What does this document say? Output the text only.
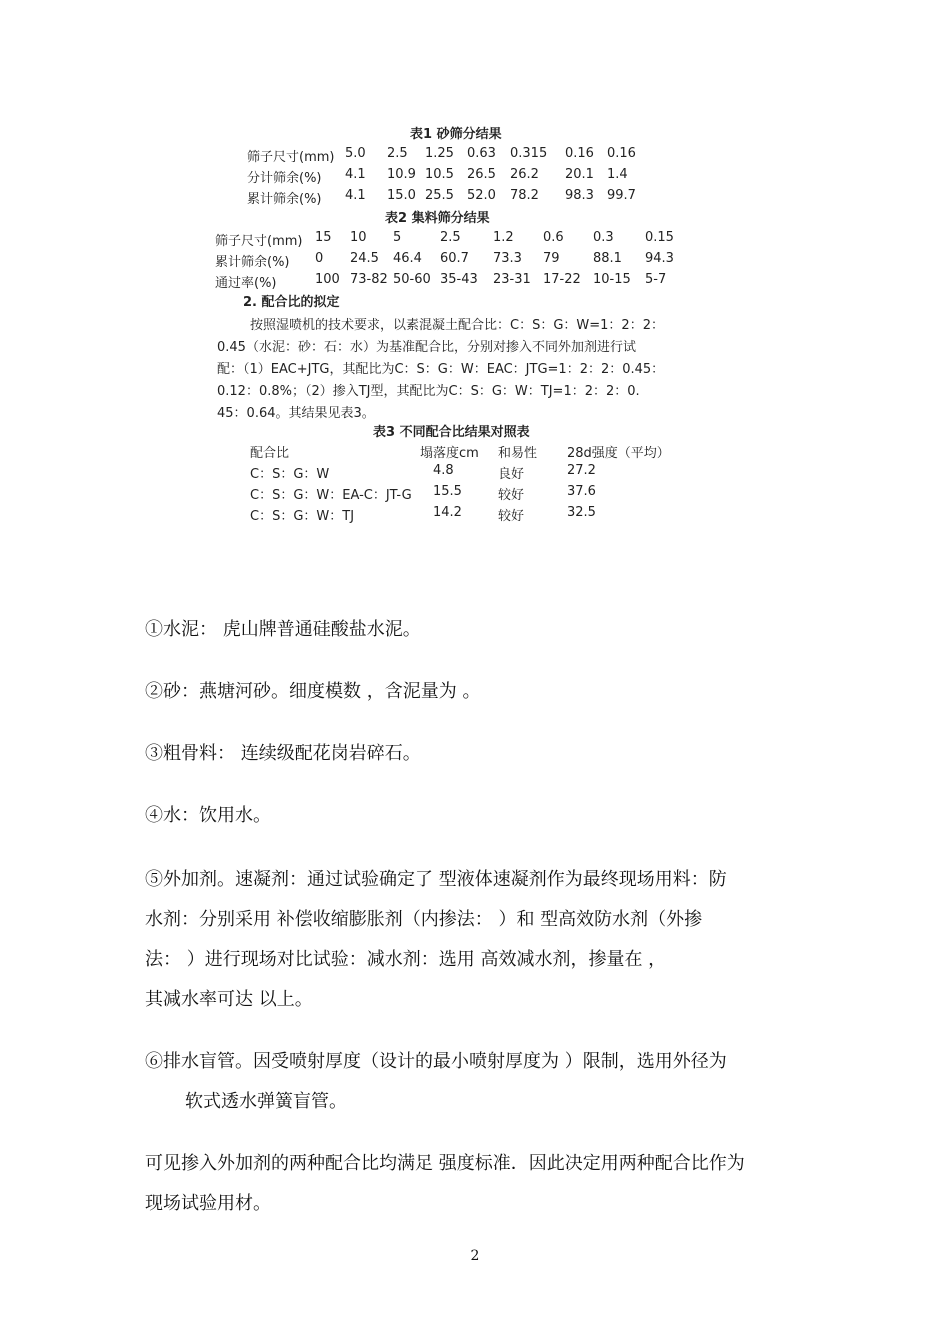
表1 砂筛分结果
筛子尺寸(mm) 5.0 2.5 1.25 0.63 0.315 0.16 0.16
分计筛余(%) 4.1 10.9 10.5 26.5 26.2 20.1 1.4
累计筛余(%) 4.1 15.0 25.5 52.0 78.2 98.3 99.7
表2 集料筛分结果
筛子尺寸(mm) 15 10 5	2.5 1.2 0.6 0.3 0.15
累计筛余(%) 0 24.5 46.4 60.7 73.3 79	88.1 94.3
通过率(%)	100 73-82 50-60 35-43 23-31 17-22 10-15 5-7
2. 配合比的拟定
按照湿喷机的技术要求，以素混凝土配合比：C：S：G：W=1：2：2：
0.45（水泥：砂：石：水）为基准配合比，分别对掺入不同外加剂进行试
配：（1）EAC+JTG，其配比为C：S：G：W：EAC：JTG=1：2：2：0.45：
0.12：0.8%；（2）掺入TJ型，其配比为C：S：G：W：TJ=1：2：2：0.
45：0.64。其结果见表3。
表3 不同配合比结果对照表
配合比	塌落度cm 和易性 28d强度（平均）
C：S：G：W	4.8	良好	27.2
C：S：G：W：EA-C：JT-G 15.5	较好	37.6
C：S：G：W：TJ	14.2	较好	32.5
①水泥： 虎山牌普通硅酸盐水泥。
②砂：燕塘河砂。细度模数 ，含泥量为 。
③粗骨料： 连续级配花岗岩碎石。
④水：饮用水。
⑤外加剂。速凝剂：通过试验确定了 型液体速凝剂作为最终现场用料：防
水剂：分别采用 补偿收缩膨胀剂（内掺法： ）和 型高效防水剂（外掺
法： ）进行现场对比试验：减水剂：选用 高效减水剂，掺量在 ，
其减水率可达 以上。
⑥排水盲管。因受喷射厚度（设计的最小喷射厚度为 ）限制，选用外径为
软式透水弹簧盲管。
可见掺入外加剂的两种配合比均满足 强度标准．因此决定用两种配合比作为
现场试验用材。
2
